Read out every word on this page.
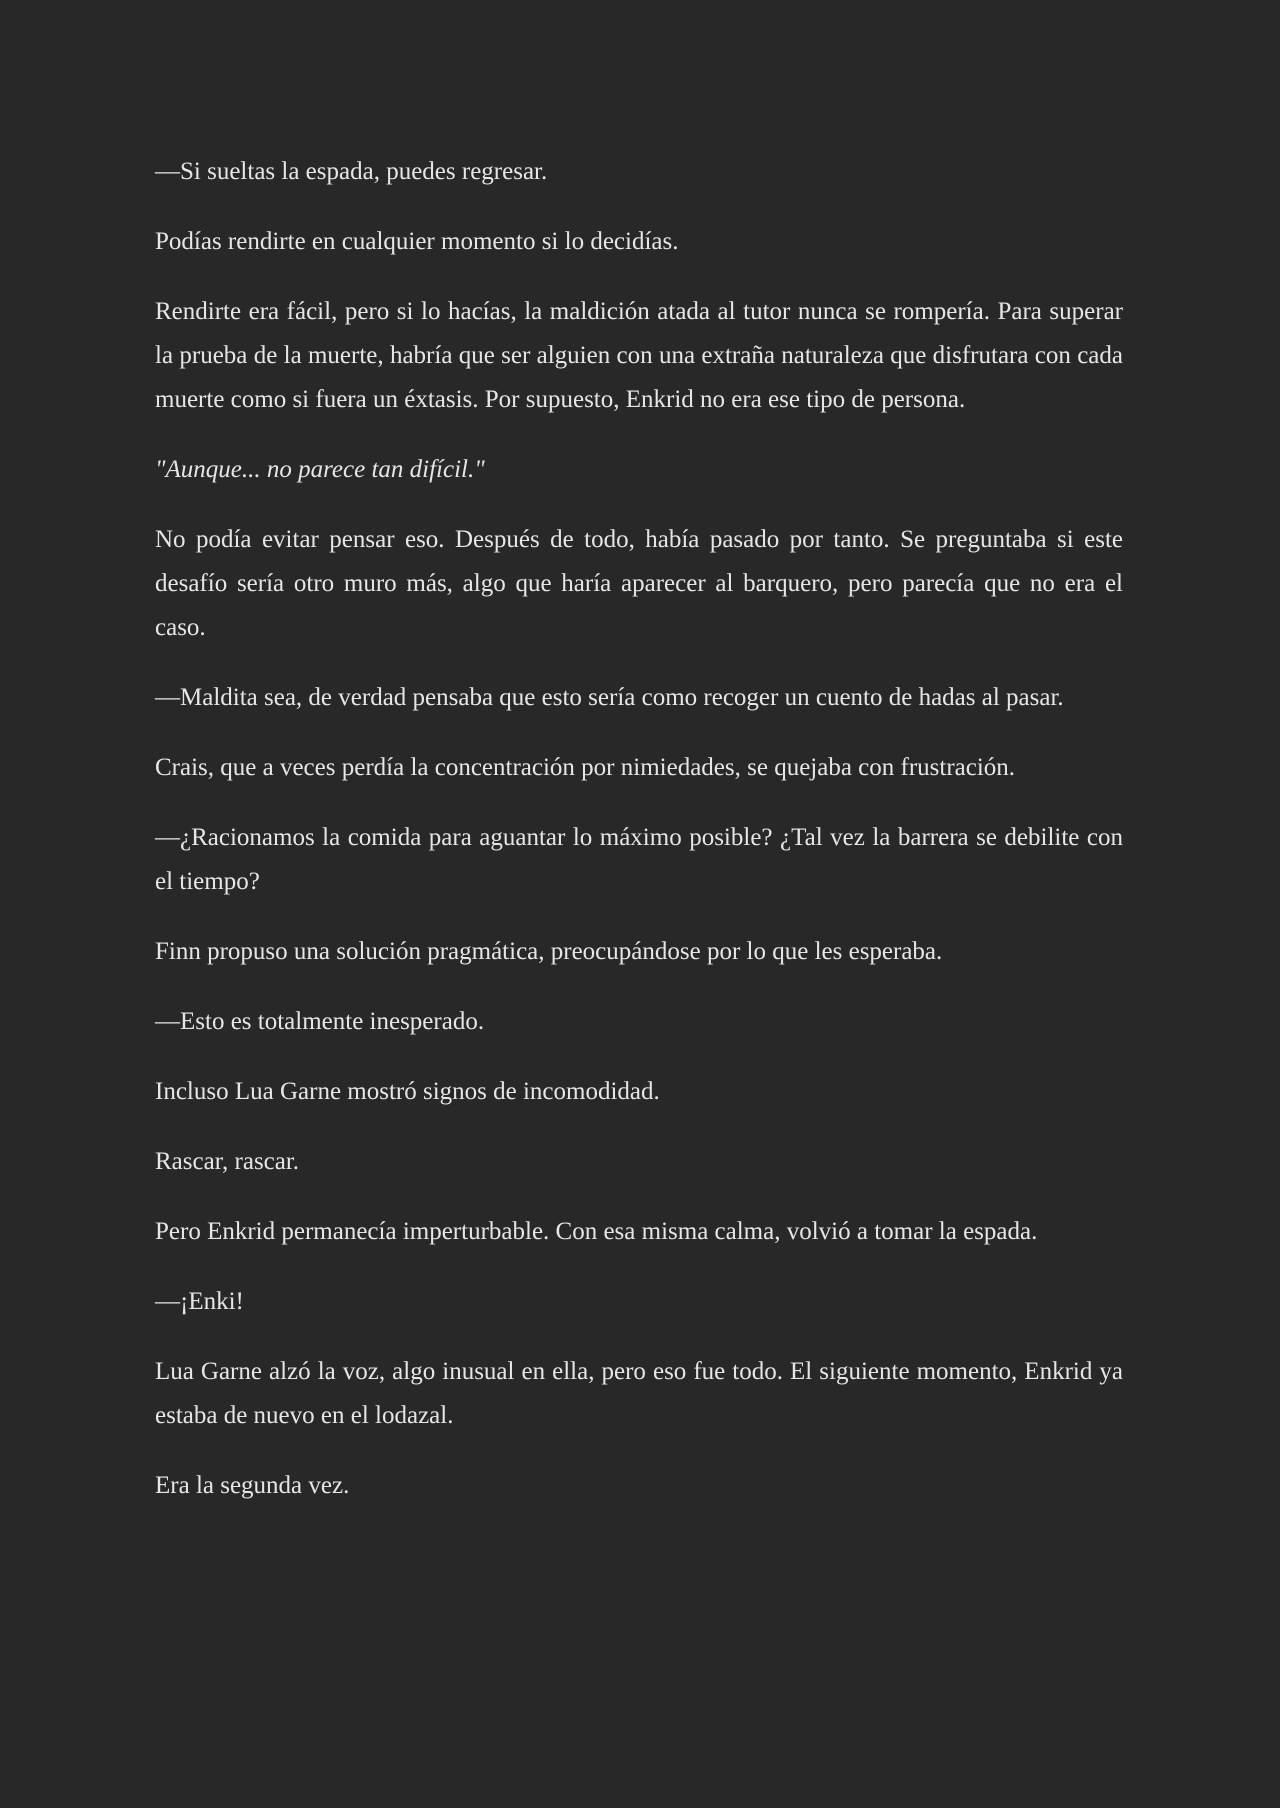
—Si sueltas la espada, puedes regresar.

Podías rendirte en cualquier momento si lo decidías.

Rendirte era fácil, pero si lo hacías, la maldición atada al tutor nunca se rompería. Para superar la prueba de la muerte, habría que ser alguien con una extraña naturaleza que disfrutara con cada muerte como si fuera un éxtasis. Por supuesto, Enkrid no era ese tipo de persona.

"Aunque... no parece tan difícil."

No podía evitar pensar eso. Después de todo, había pasado por tanto. Se preguntaba si este desafío sería otro muro más, algo que haría aparecer al barquero, pero parecía que no era el caso.

—Maldita sea, de verdad pensaba que esto sería como recoger un cuento de hadas al pasar.

Crais, que a veces perdía la concentración por nimiedades, se quejaba con frustración.

—¿Racionamos la comida para aguantar lo máximo posible? ¿Tal vez la barrera se debilite con el tiempo?

Finn propuso una solución pragmática, preocupándose por lo que les esperaba.

—Esto es totalmente inesperado.

Incluso Lua Garne mostró signos de incomodidad.

Rascar, rascar.

Pero Enkrid permanecía imperturbable. Con esa misma calma, volvió a tomar la espada.

—¡Enki!

Lua Garne alzó la voz, algo inusual en ella, pero eso fue todo. El siguiente momento, Enkrid ya estaba de nuevo en el lodazal.

Era la segunda vez.
